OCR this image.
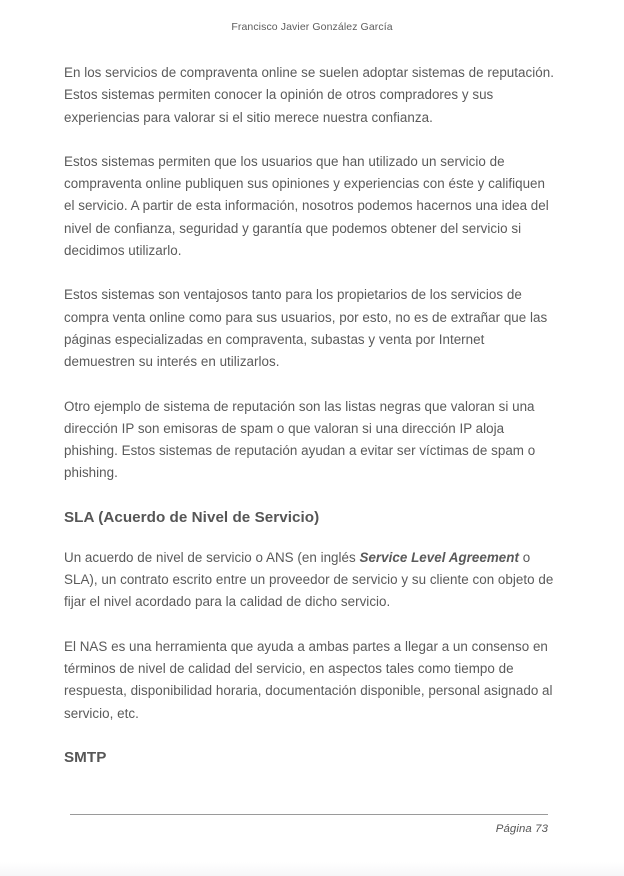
Francisco Javier González García

En los servicios de compraventa online se suelen adoptar sistemas de reputación. Estos sistemas permiten conocer la opinión de otros compradores y sus experiencias para valorar si el sitio merece nuestra confianza.

Estos sistemas permiten que los usuarios que han utilizado un servicio de compraventa online publiquen sus opiniones y experiencias con éste y califiquen el servicio. A partir de esta información, nosotros podemos hacernos una idea del nivel de confianza, seguridad y garantía que podemos obtener del servicio si decidimos utilizarlo.

Estos sistemas son ventajosos tanto para los propietarios de los servicios de compra venta online como para sus usuarios, por esto, no es de extrañar que las páginas especializadas en compraventa, subastas y venta por Internet demuestren su interés en utilizarlos.

Otro ejemplo de sistema de reputación son las listas negras que valoran si una dirección IP son emisoras de spam o que valoran si una dirección IP aloja phishing. Estos sistemas de reputación ayudan a evitar ser víctimas de spam o phishing.

SLA (Acuerdo de Nivel de Servicio)

Un acuerdo de nivel de servicio o ANS (en inglés Service Level Agreement o SLA), un contrato escrito entre un proveedor de servicio y su cliente con objeto de fijar el nivel acordado para la calidad de dicho servicio.

El NAS es una herramienta que ayuda a ambas partes a llegar a un consenso en términos de nivel de calidad del servicio, en aspectos tales como tiempo de respuesta, disponibilidad horaria, documentación disponible, personal asignado al servicio, etc.

SMTP
Página 73
